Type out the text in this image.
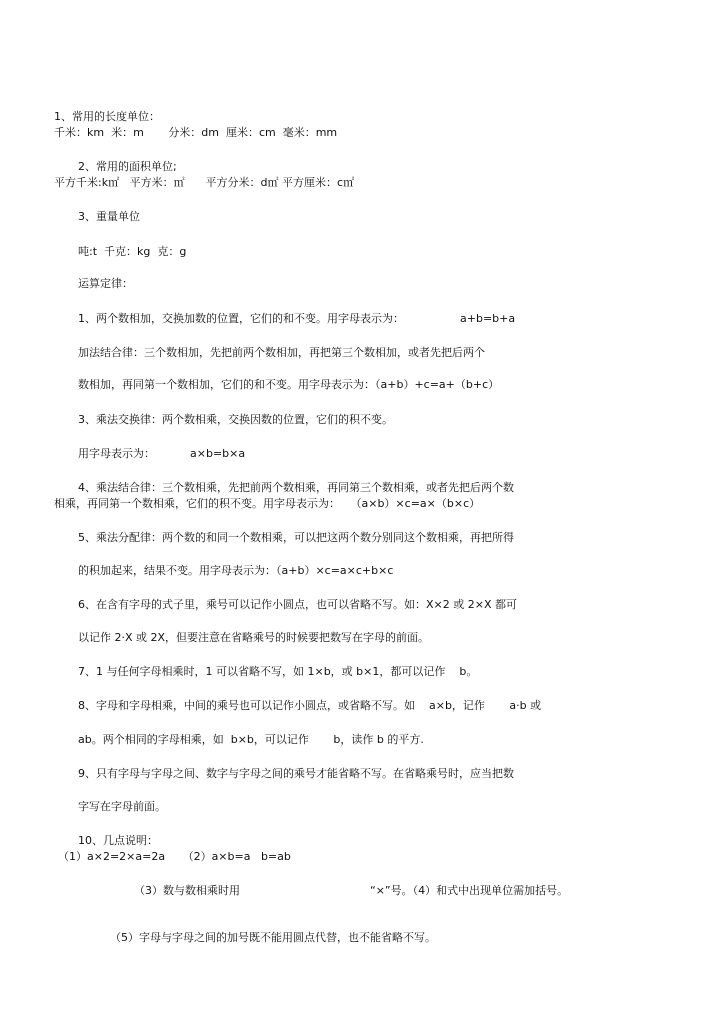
1、常用的长度单位：
千米：km  米：m       分米：dm  厘米：cm  毫米：mm
2、常用的面积单位;
平方千米:k㎡   平方米：㎡      平方分米：d㎡ 平方厘米：c㎡
3、重量单位
吨:t  千克：kg  克：g
运算定律：
1、两个数相加，交换加数的位置，它们的和不变。用字母表示为：	a+b=b+a
加法结合律：三个数相加，先把前两个数相加，再把第三个数相加，或者先把后两个
数相加，再同第一个数相加，它们的和不变。用字母表示为：（a+b）+c=a+（b+c）
3、乘法交换律：两个数相乘，交换因数的位置，它们的积不变。
用字母表示为：	a×b=b×a
4、乘法结合律：三个数相乘，先把前两个数相乘，再同第三个数相乘，或者先把后两个数
相乘，再同第一个数相乘，它们的积不变。用字母表示为：   （a×b）×c=a×（b×c）
5、乘法分配律：两个数的和同一个数相乘，可以把这两个数分别同这个数相乘，再把所得
的积加起来，结果不变。用字母表示为：（a+b）×c=a×c+b×c
6、在含有字母的式子里，乘号可以记作小圆点，也可以省略不写。如：X×2 或 2×X 都可
以记作 2·X 或 2X，但要注意在省略乘号的时候要把数写在字母的前面。
7、1 与任何字母相乘时，1 可以省略不写，如 1×b，或 b×1，都可以记作    b。
8、字母和字母相乘，中间的乘号也可以记作小圆点，或省略不写。如    a×b，记作       a·b 或
ab。两个相同的字母相乘，如  b×b，可以记作       b，读作 b 的平方.
9、只有字母与字母之间、数字与字母之间的乘号才能省略不写。在省略乘号时，应当把数
字写在字母前面。
10、几点说明：
（1）a×2=2×a=2a     （2）a×b=a   b=ab
（3）数与数相乘时用	“×”号。（4）和式中出现单位需加括号。
（5）字母与字母之间的加号既不能用圆点代替，也不能省略不写。
